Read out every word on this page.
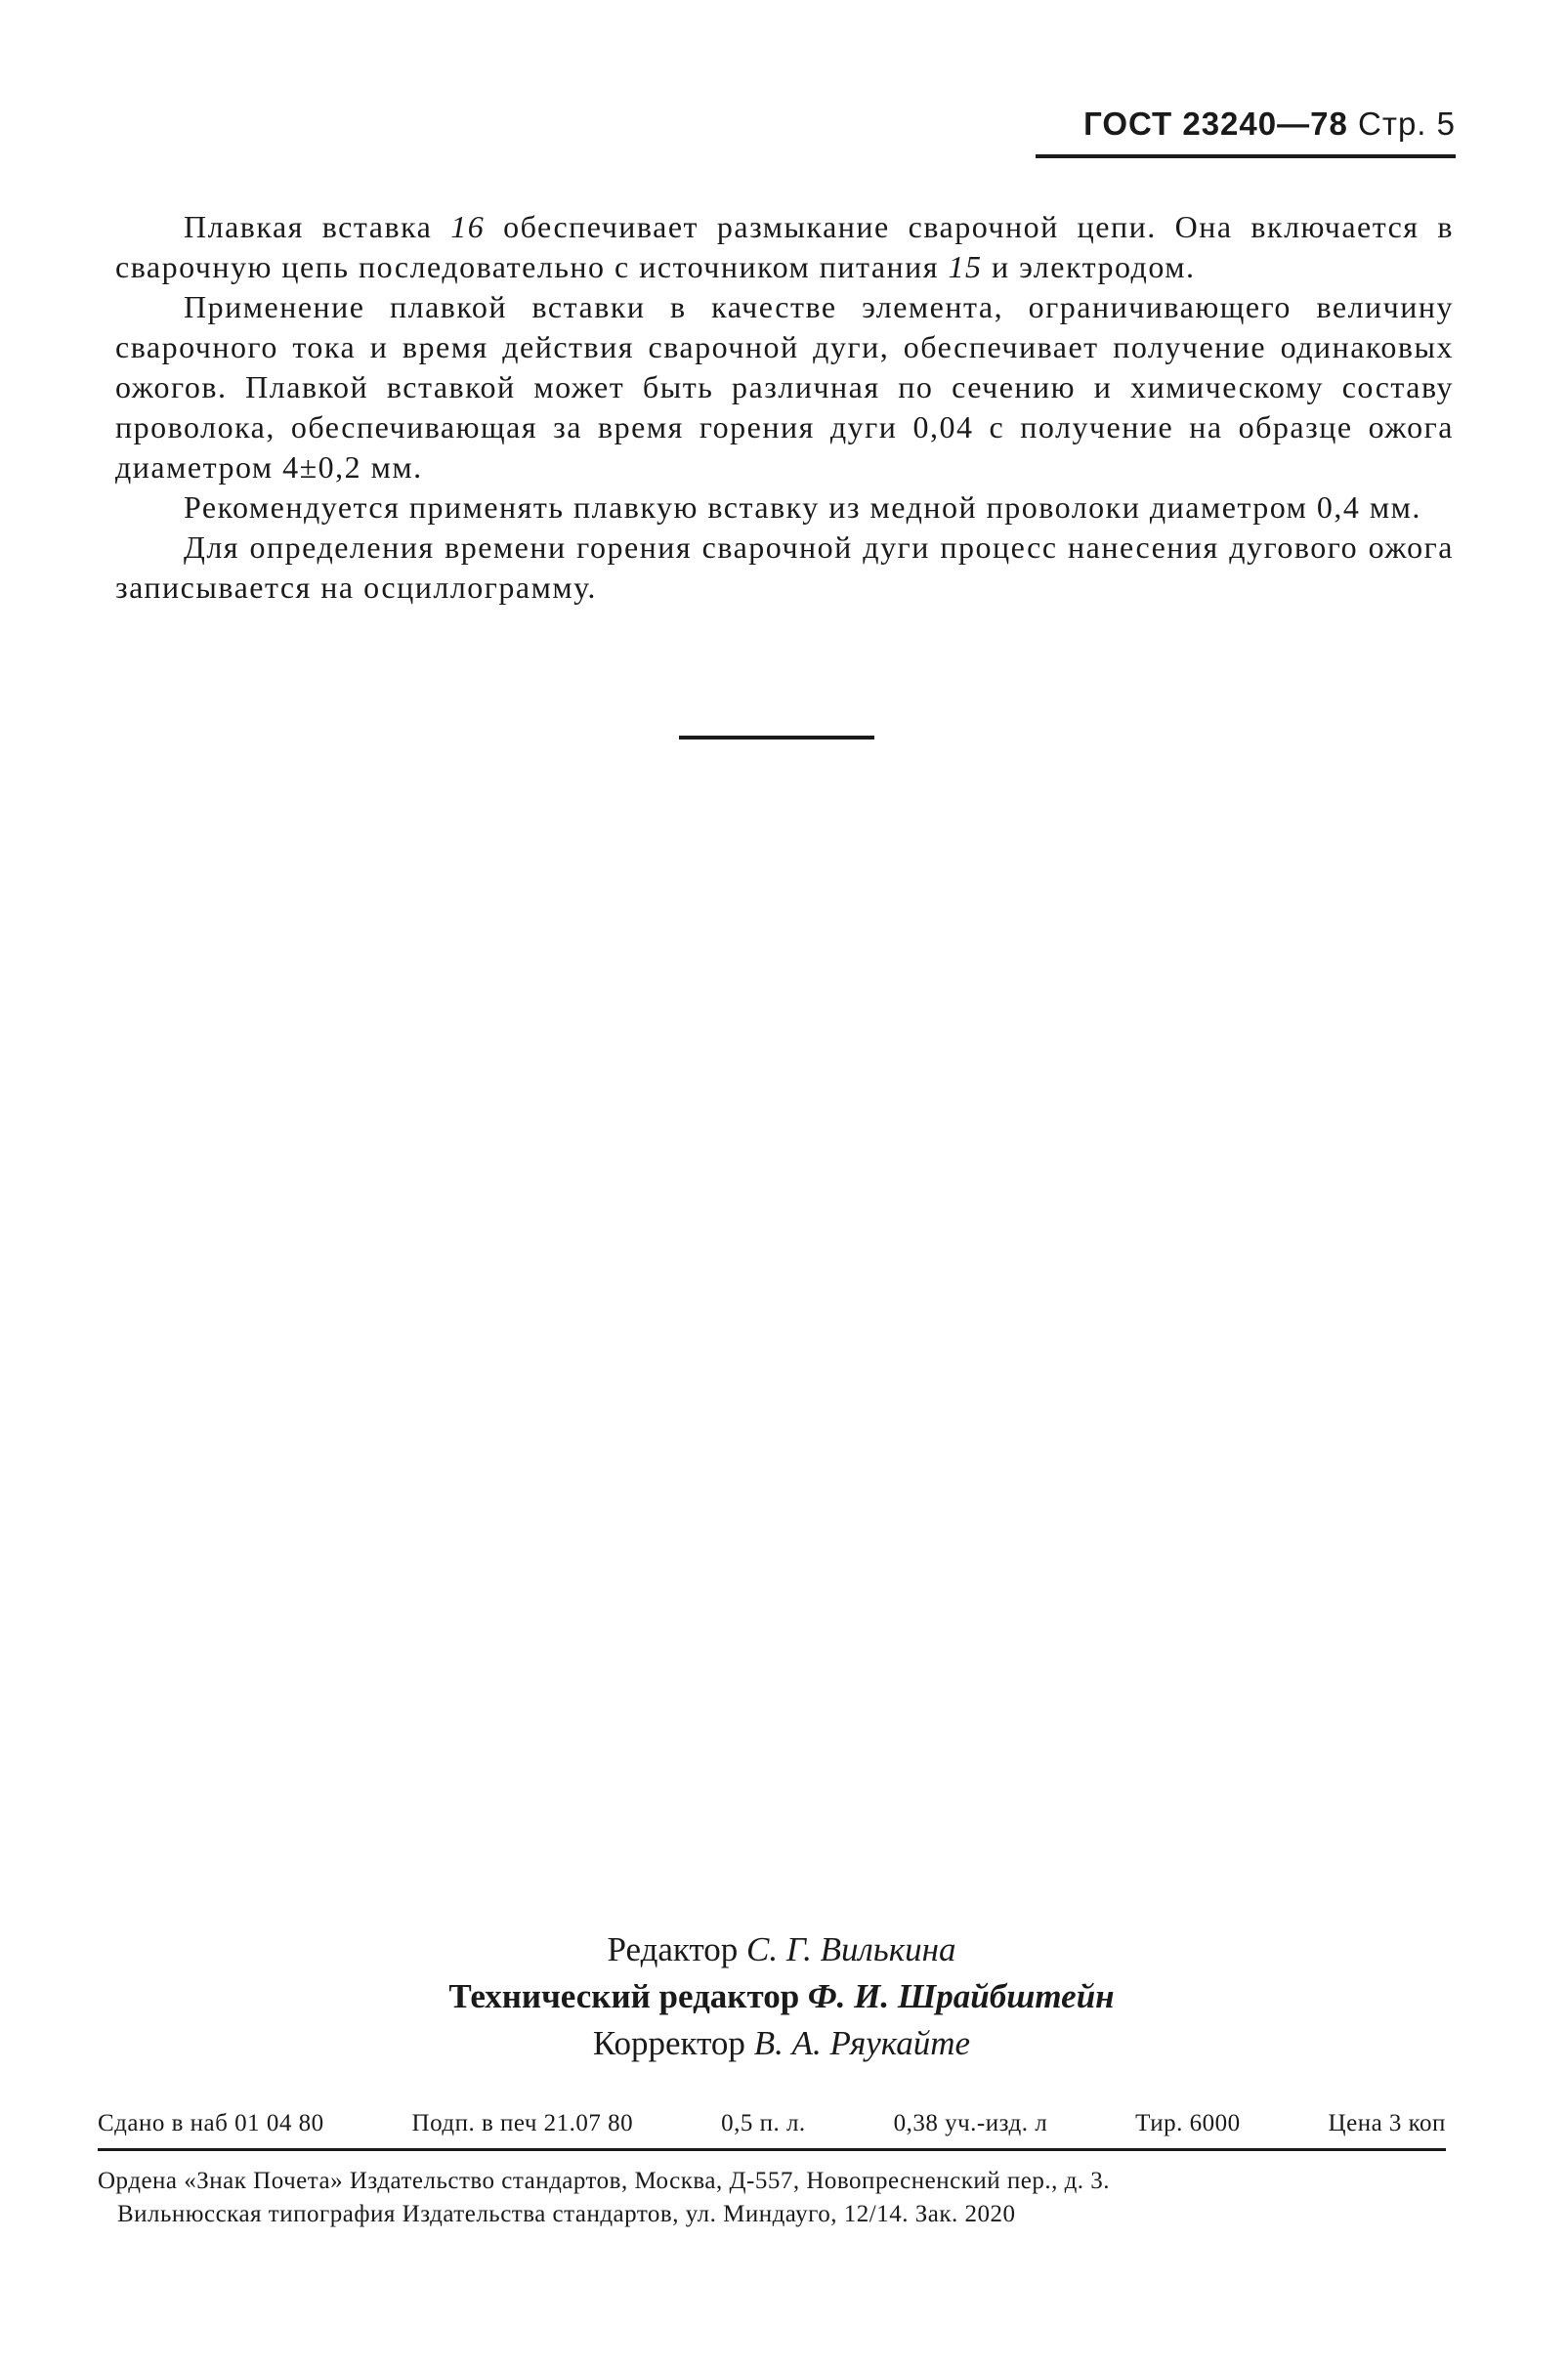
ГОСТ 23240—78 Стр. 5

Плавкая вставка 16 обеспечивает размыкание сварочной цепи. Она включается в сварочную цепь последовательно с источником питания 15 и электродом.

Применение плавкой вставки в качестве элемента, ограничивающего величину сварочного тока и время действия сварочной дуги, обеспечивает получение одинаковых ожогов. Плавкой вставкой может быть различная по сечению и химическому составу проволока, обеспечивающая за время горения дуги 0,04 с получение на образце ожога диаметром 4±0,2 мм.

Рекомендуется применять плавкую вставку из медной проволоки диаметром 0,4 мм.

Для определения времени горения сварочной дуги процесс нанесения дугового ожога записывается на осциллограмму.

Редактор С. Г. Вилькина
Технический редактор Ф. И. Шрайбштейн
Корректор В. А. Ряукайте
Сдано в наб 01 04 80	Подп. в печ 21.07 80	0,5 п. л.	0,38 уч.-изд. л	Тир. 6000	Цена 3 коп
Ордена «Знак Почета» Издательство стандартов, Москва, Д-557, Новопресненский пер., д. 3.
Вильнюсская типография Издательства стандартов, ул. Миндауго, 12/14. Зак. 2020
